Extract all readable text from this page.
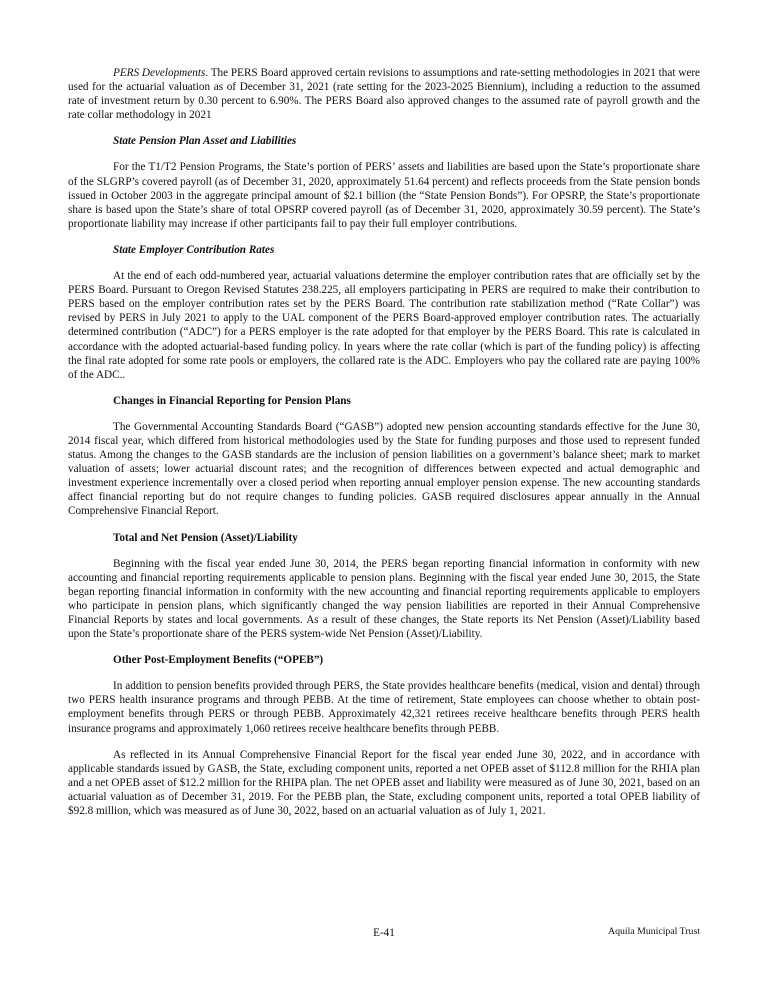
PERS Developments. The PERS Board approved certain revisions to assumptions and rate-setting methodologies in 2021 that were used for the actuarial valuation as of December 31, 2021 (rate setting for the 2023-2025 Biennium), including a reduction to the assumed rate of investment return by 0.30 percent to 6.90%. The PERS Board also approved changes to the assumed rate of payroll growth and the rate collar methodology in 2021

State Pension Plan Asset and Liabilities

For the T1/T2 Pension Programs, the State’s portion of PERS’ assets and liabilities are based upon the State’s proportionate share of the SLGRP’s covered payroll (as of December 31, 2020, approximately 51.64 percent) and reflects proceeds from the State pension bonds issued in October 2003 in the aggregate principal amount of $2.1 billion (the “State Pension Bonds”). For OPSRP, the State’s proportionate share is based upon the State’s share of total OPSRP covered payroll (as of December 31, 2020, approximately 30.59 percent). The State’s proportionate liability may increase if other participants fail to pay their full employer contributions.

State Employer Contribution Rates

At the end of each odd-numbered year, actuarial valuations determine the employer contribution rates that are officially set by the PERS Board. Pursuant to Oregon Revised Statutes 238.225, all employers participating in PERS are required to make their contribution to PERS based on the employer contribution rates set by the PERS Board. The contribution rate stabilization method (“Rate Collar”) was revised by PERS in July 2021 to apply to the UAL component of the PERS Board-approved employer contribution rates. The actuarially determined contribution (“ADC”) for a PERS employer is the rate adopted for that employer by the PERS Board. This rate is calculated in accordance with the adopted actuarial-based funding policy. In years where the rate collar (which is part of the funding policy) is affecting the final rate adopted for some rate pools or employers, the collared rate is the ADC. Employers who pay the collared rate are paying 100% of the ADC..

Changes in Financial Reporting for Pension Plans

The Governmental Accounting Standards Board (“GASB”) adopted new pension accounting standards effective for the June 30, 2014 fiscal year, which differed from historical methodologies used by the State for funding purposes and those used to represent funded status. Among the changes to the GASB standards are the inclusion of pension liabilities on a government’s balance sheet; mark to market valuation of assets; lower actuarial discount rates; and the recognition of differences between expected and actual demographic and investment experience incrementally over a closed period when reporting annual employer pension expense. The new accounting standards affect financial reporting but do not require changes to funding policies. GASB required disclosures appear annually in the Annual Comprehensive Financial Report.

Total and Net Pension (Asset)/Liability

Beginning with the fiscal year ended June 30, 2014, the PERS began reporting financial information in conformity with new accounting and financial reporting requirements applicable to pension plans. Beginning with the fiscal year ended June 30, 2015, the State began reporting financial information in conformity with the new accounting and financial reporting requirements applicable to employers who participate in pension plans, which significantly changed the way pension liabilities are reported in their Annual Comprehensive Financial Reports by states and local governments. As a result of these changes, the State reports its Net Pension (Asset)/Liability based upon the State’s proportionate share of the PERS system-wide Net Pension (Asset)/Liability.

Other Post-Employment Benefits (“OPEB”)

In addition to pension benefits provided through PERS, the State provides healthcare benefits (medical, vision and dental) through two PERS health insurance programs and through PEBB. At the time of retirement, State employees can choose whether to obtain post-employment benefits through PERS or through PEBB. Approximately 42,321 retirees receive healthcare benefits through PERS health insurance programs and approximately 1,060 retirees receive healthcare benefits through PEBB.

As reflected in its Annual Comprehensive Financial Report for the fiscal year ended June 30, 2022, and in accordance with applicable standards issued by GASB, the State, excluding component units, reported a net OPEB asset of $112.8 million for the RHIA plan and a net OPEB asset of $12.2 million for the RHIPA plan. The net OPEB asset and liability were measured as of June 30, 2021, based on an actuarial valuation as of December 31, 2019. For the PEBB plan, the State, excluding component units, reported a total OPEB liability of $92.8 million, which was measured as of June 30, 2022, based on an actuarial valuation as of July 1, 2021.

E-41	Aquila Municipal Trust
